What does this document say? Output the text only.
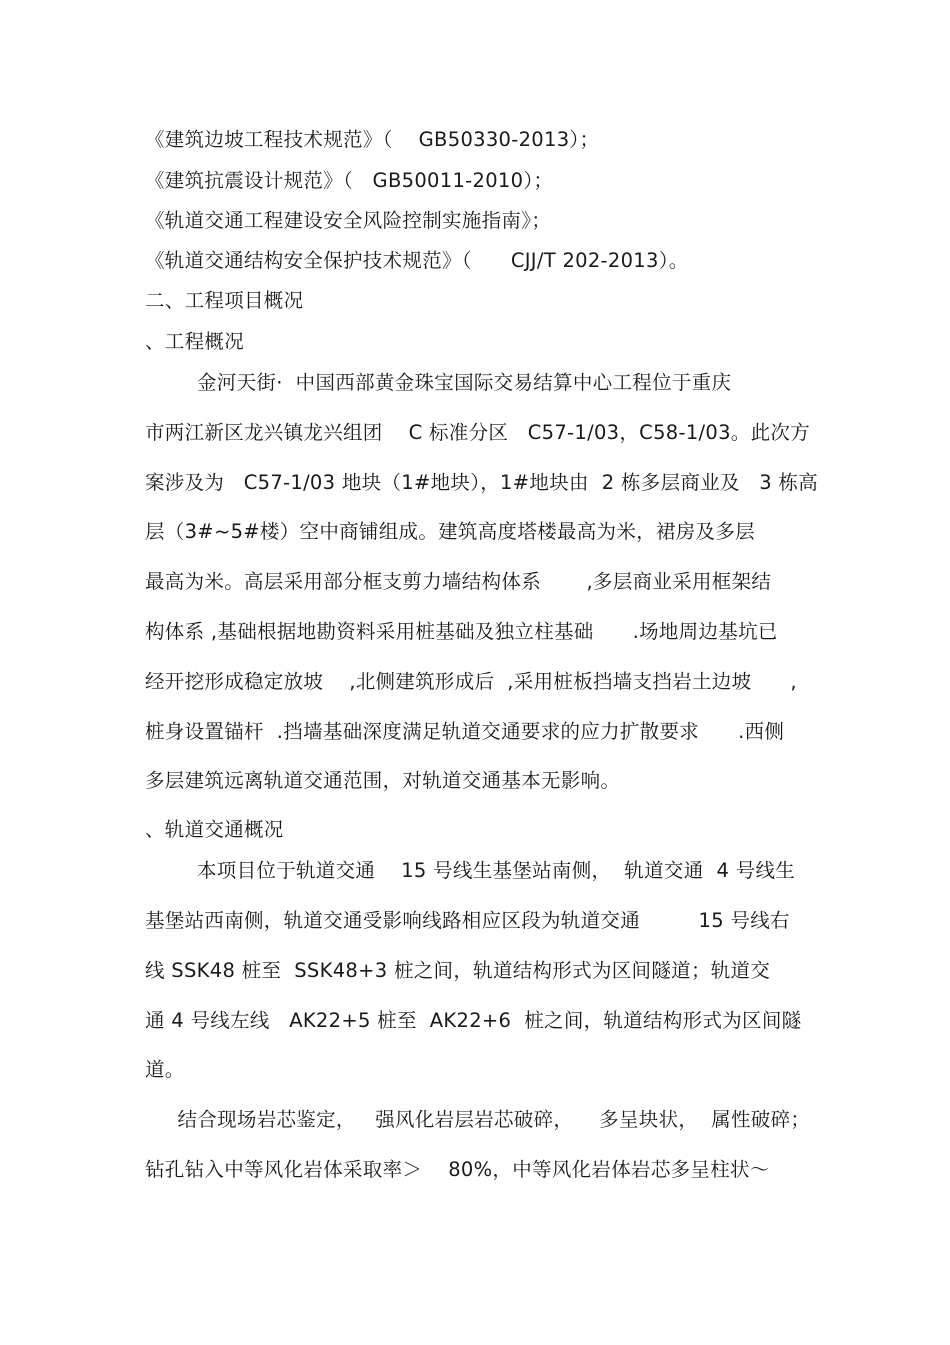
《建筑边坡工程技术规范》（    GB50330-2013）；
《建筑抗震设计规范》（   GB50011-2010）；
《轨道交通工程建设安全风险控制实施指南》；
《轨道交通结构安全保护技术规范》（      CJJ/T 202-2013）。
二、工程项目概况
、工程概况
金河天街·  中国西部黄金珠宝国际交易结算中心工程位于重庆
市两江新区龙兴镇龙兴组团    C 标准分区   C57-1/03，C58-1/03。此次方
案涉及为   C57-1/03 地块（1#地块），1#地块由  2 栋多层商业及   3 栋高
层（3#~5#楼）空中商铺组成。建筑高度塔楼最高为米，裙房及多层
最高为米。高层采用部分框支剪力墙结构体系       ,多层商业采用框架结
构体系 ,基础根据地勘资料采用桩基础及独立柱基础      .场地周边基坑已
经开挖形成稳定放坡    ,北侧建筑形成后  ,采用桩板挡墙支挡岩土边坡      ,
桩身设置锚杆  .挡墙基础深度满足轨道交通要求的应力扩散要求      .西侧
多层建筑远离轨道交通范围，对轨道交通基本无影响。
、轨道交通概况
本项目位于轨道交通    15 号线生基堡站南侧，  轨道交通  4 号线生
基堡站西南侧，轨道交通受影响线路相应区段为轨道交通         15 号线右
线 SSK48 桩至  SSK48+3 桩之间，轨道结构形式为区间隧道；轨道交
通 4 号线左线   AK22+5 桩至  AK22+6  桩之间，轨道结构形式为区间隧
道。
结合现场岩芯鉴定，   强风化岩层岩芯破碎，    多呈块状，  属性破碎；
钻孔钻入中等风化岩体采取率＞    80%，中等风化岩体岩芯多呈柱状～
